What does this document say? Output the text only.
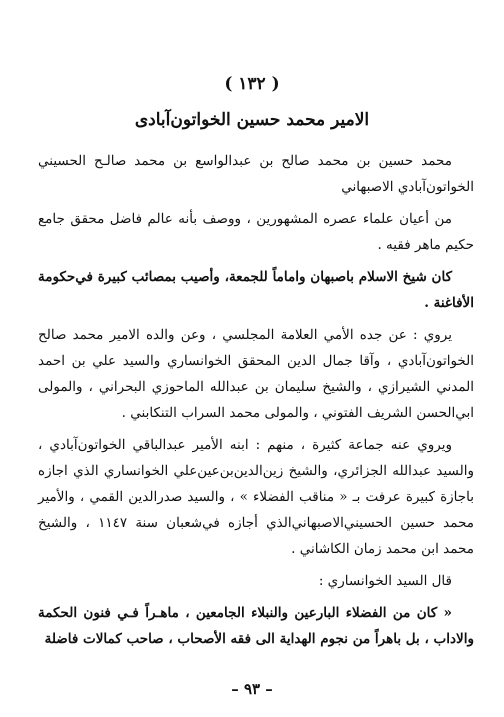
( ١٣٢ )
الامير محمد حسين الخواتون‌آبادى

محمد حسين بن محمد صالح بن عبدالواسع بن محمد صالـح الحسيني الخواتون‌آبادي الاصبهاني

من أعيان علماء عصره المشهورين ، ووصف بأنه عالم فاضل محقق جامع حكيم ماهر فقيه .

كان شيخ الاسلام باصبهان واماماً للجمعة، وأصيب بمصائب كبيرة في‌حكومة الأفاغنة .

يروي : عن جده الأمي العلامة المجلسي ، وعن والده الامير محمد صالح الخواتون‌آبادي ، وآقا جمال الدين المحقق الخوانساري والسيد علي بن احمد المدني الشيرازي ، والشيخ سليمان بن عبدالله الماحوزي البحراني ، والمولى ابي‌الحسن الشريف الفتوني ، والمولى محمد السراب التنكابني .

ويروي عنه جماعة كثيرة ، منهم : ابنه الأمير عبدالباقي الخواتون‌آبادي ، والسيد عبدالله الجزائري، والشيخ زين‌الدين‌بن‌عين‌علي الخوانساري الذي اجازه باجازة كبيرة عرفت بـ « مناقب الفضلاء » ، والسيد صدرالدين القمي ، والأمير محمد حسين الحسيني‌الاصبهاني‌الذي أجازه في‌شعبان سنة ١١٤٧ ، والشيخ محمد ابن محمد زمان الكاشاني .

قال السيد الخوانساري :

« كان من الفضلاء البارعين والنبلاء الجامعين ، ماهـراً فـي فنون الحكمة والاداب ، بل باهراً من نجوم الهداية الى فقه الأصحاب ، صاحب كمالات فاضلة

– ٩٣ –
